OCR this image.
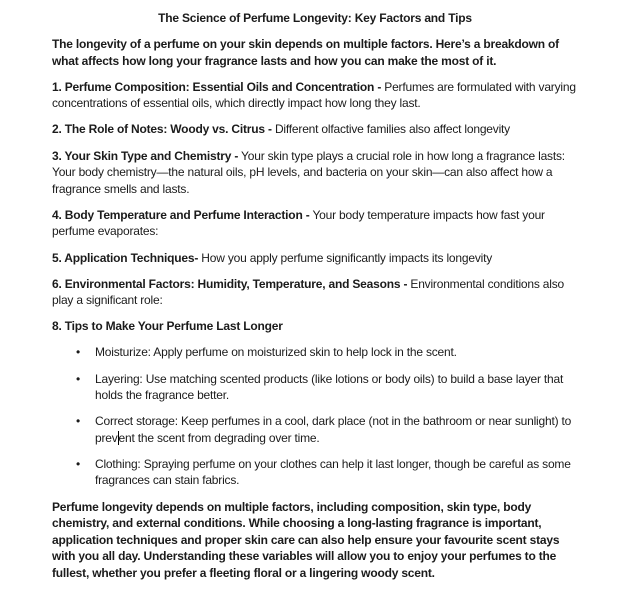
The Science of Perfume Longevity: Key Factors and Tips

The longevity of a perfume on your skin depends on multiple factors. Here’s a breakdown of what affects how long your fragrance lasts and how you can make the most of it.

1. Perfume Composition: Essential Oils and Concentration - Perfumes are formulated with varying concentrations of essential oils, which directly impact how long they last.

2. The Role of Notes: Woody vs. Citrus - Different olfactive families also affect longevity

3. Your Skin Type and Chemistry - Your skin type plays a crucial role in how long a fragrance lasts: Your body chemistry—the natural oils, pH levels, and bacteria on your skin—can also affect how a fragrance smells and lasts.

4. Body Temperature and Perfume Interaction - Your body temperature impacts how fast your perfume evaporates:

5. Application Techniques- How you apply perfume significantly impacts its longevity

6. Environmental Factors: Humidity, Temperature, and Seasons - Environmental conditions also play a significant role:

8. Tips to Make Your Perfume Last Longer

• Moisturize: Apply perfume on moisturized skin to help lock in the scent.
• Layering: Use matching scented products (like lotions or body oils) to build a base layer that holds the fragrance better.
• Correct storage: Keep perfumes in a cool, dark place (not in the bathroom or near sunlight) to prevent the scent from degrading over time.
• Clothing: Spraying perfume on your clothes can help it last longer, though be careful as some fragrances can stain fabrics.

Perfume longevity depends on multiple factors, including composition, skin type, body chemistry, and external conditions. While choosing a long-lasting fragrance is important, application techniques and proper skin care can also help ensure your favourite scent stays with you all day. Understanding these variables will allow you to enjoy your perfumes to the fullest, whether you prefer a fleeting floral or a lingering woody scent.
